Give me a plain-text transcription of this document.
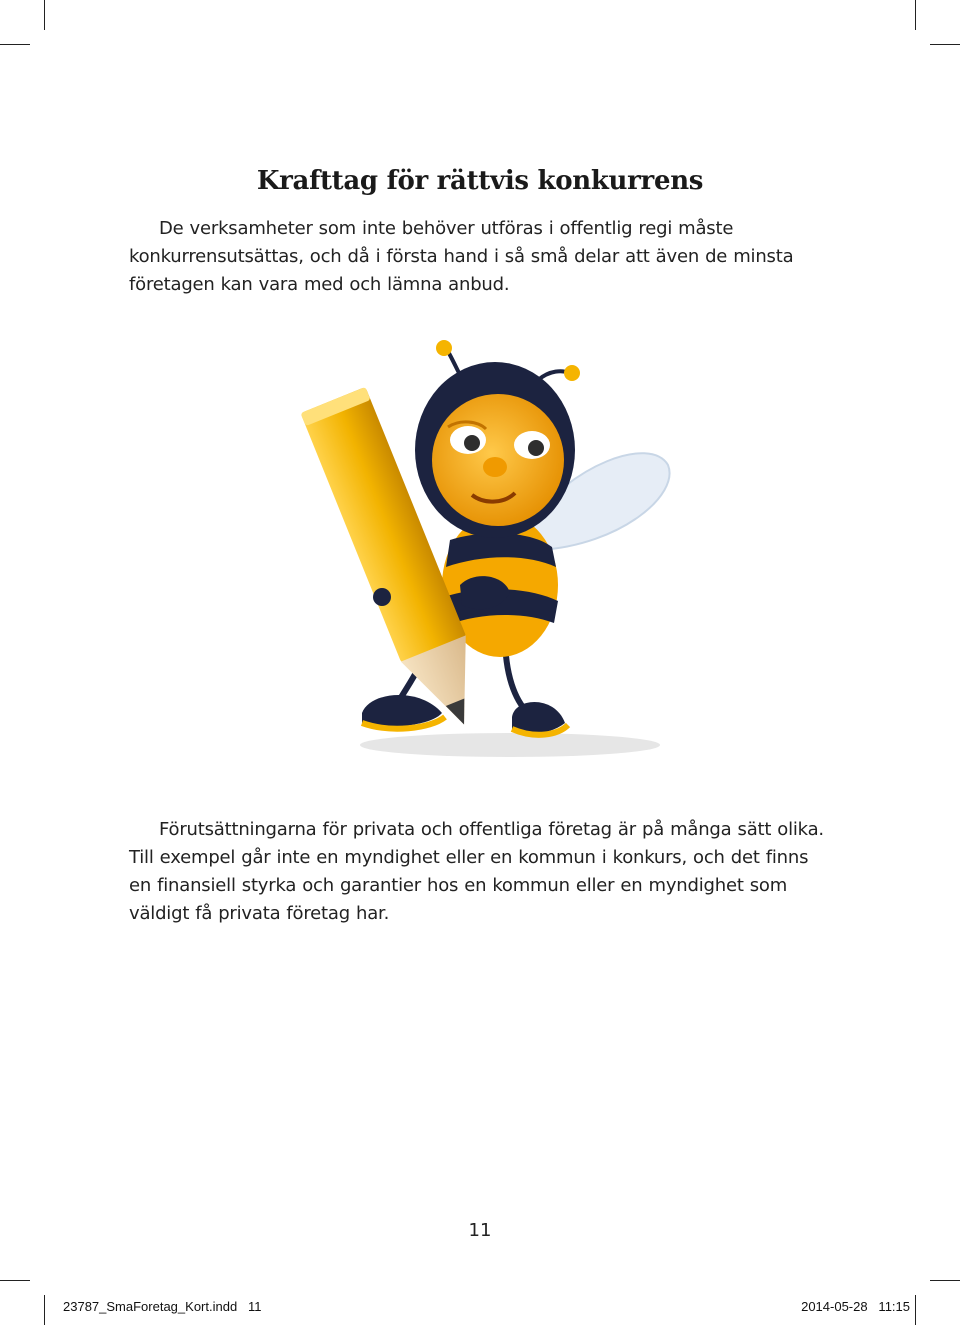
Krafttag för rättvis konkurrens

De verksamheter som inte behöver utföras i offentlig regi måste konkurrensutsättas, och då i första hand i så små delar att även de minsta företagen kan vara med och lämna anbud.

Förutsättningarna för privata och offentliga företag är på många sätt olika. Till exempel går inte en myndighet eller en kommun i konkurs, och det finns en finansiell styrka och garantier hos en kommun eller en myndighet som väldigt få privata företag har.

11
23787_SmaForetag_Kort.indd   11	2014-05-28   11:15
